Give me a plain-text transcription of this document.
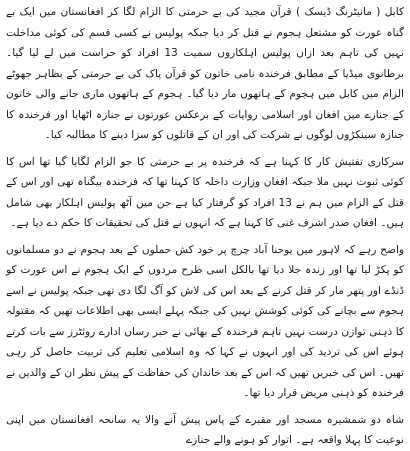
کابل ( مانیٹرنگ ڈیسک ) قرآن مجید کی بے حرمتی کا الزام لگا کر افغانستان میں ایک بے گناہ عورت کو مشتعل ہجوم نے قتل کر دیا جبکہ پولیس نے کسی قسم کی کوئی مداخلت نہیں کی تاہم بعد ازاں پولیس اہلکاروں سمیت 13 افراد کو حراست میں لے لیا گیا۔ برطانوی میڈیا کے مطابق فرخندہ نامی خاتون کو قرآن پاک کی بے حرمتی کے بظاہر جھوٹے الزام میں کابل میں ہجوم کے ہاتھوں مار دیا گیا۔ ہجوم کے ہاتھوں ماری جانے والی خاتون کے جنازے میں افغان اور اسلامی روایات کے برعکس عورتوں نے جنازہ اٹھایا اور فرخندہ کا جنازہ سینکڑوں لوگوں نے شرکت کی اور ان کے قاتلوں کو سزا دینے کا مطالبہ کیا۔

سرکاری تفتیش کار کا کہنا ہے کہ فرخندہ پر بے حرمتی کا جو الزام لگایا گیا تھا اس کا کوئی ثبوت نہیں ملا جبکہ افغان وزارت داخلہ کا کہنا تھا کہ فرخندہ بیگناہ تھی اور اس کے قتل کے الزام میں ہم نے 13 افراد کو گرفتار کیا ہے جن میں آٹھ پولیس اہلکار بھی شامل ہیں۔ افغان صدر اشرف غنی کا کہنا ہے کہ انہوں نے قتل کی تحقیقات کا حکم دے دیا ہے۔

واضح رہے کہ لاہور میں یوحنا آباد چرچ پر خود کش حملوں کے بعد ہجوم نے دو مسلمانوں کو پکڑ لیا تھا اور زندہ جلا دیا تھا بالکل اسی طرح مردوں کے ایک ہجوم نے اس عورت کو ڈنڈے اور پتھر مار کر قتل کرنے کے بعد اس کی لاش کو آگ لگا دی تھی جبکہ پولیس نے اسے ہجوم سے بچانے کی کوئی کوشش نہیں کی جبکہ پہلے ایسی بھی اطلاعات تھیں کہ مقتولہ کا ذہنی توازن درست نہیں تاہم فرخندہ کے بھائی نے خبر رساں ادارے روئٹرز سے بات کرتے ہوئے اس کی تردید کی اور انہوں نے کہا کہ وہ اسلامی تعلیم کی تربیت حاصل کر رہی تھیں۔ اس کی خبریں تھیں کہ اس کے بعد خاندان کی حفاظت کے پیش نظر ان کے والدین نے فرخندہ کو ذہنی مریض قرار دیا تھا۔

شاہ دو شمشیرہ مسجد اور مقبرے کے پاس پیش آنے والا یہ سانحہ افغانستان میں اپنی نوعیت کا پہلا واقعہ ہے۔ اتوار کو ہونے والے جنازے
